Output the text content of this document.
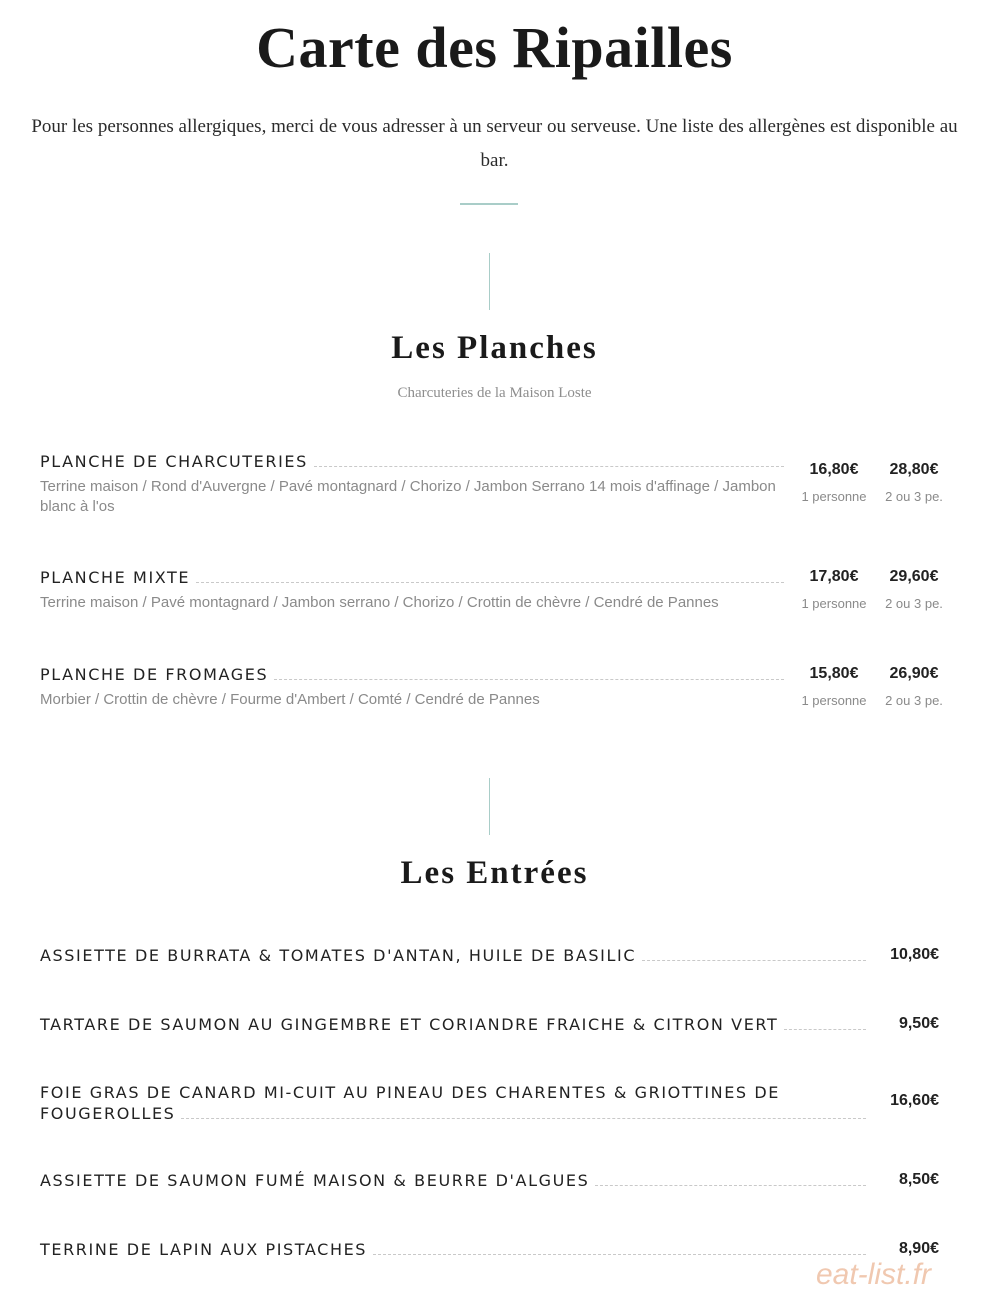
Carte des Ripailles

Pour les personnes allergiques, merci de vous adresser à un serveur ou serveuse. Une liste des allergènes est disponible au bar.

Les Planches
Charcuteries de la Maison Loste
PLANCHE DE CHARCUTERIES
Terrine maison / Rond d'Auvergne / Pavé montagnard / Chorizo / Jambon Serrano 14 mois d'affinage / Jambon blanc à l'os
16,80€
1 personne
28,80€
2 ou 3 pe.
PLANCHE MIXTE
Terrine maison / Pavé montagnard / Jambon serrano / Chorizo / Crottin de chèvre / Cendré de Pannes
17,80€
1 personne
29,60€
2 ou 3 pe.
PLANCHE DE FROMAGES
Morbier / Crottin de chèvre / Fourme d'Ambert / Comté / Cendré de Pannes
15,80€
1 personne
26,90€
2 ou 3 pe.
Les Entrées
ASSIETTE DE BURRATA & TOMATES D'ANTAN, HUILE DE BASILIC	10,80€
TARTARE DE SAUMON AU GINGEMBRE ET CORIANDRE FRAICHE & CITRON VERT	9,50€
FOIE GRAS DE CANARD MI-CUIT AU PINEAU DES CHARENTES & GRIOTTINES DE
FOUGEROLLES
16,60€
ASSIETTE DE SAUMON FUMÉ MAISON & BEURRE D'ALGUES	8,50€
TERRINE DE LAPIN AUX PISTACHES	8,90€
eat-list.fr
